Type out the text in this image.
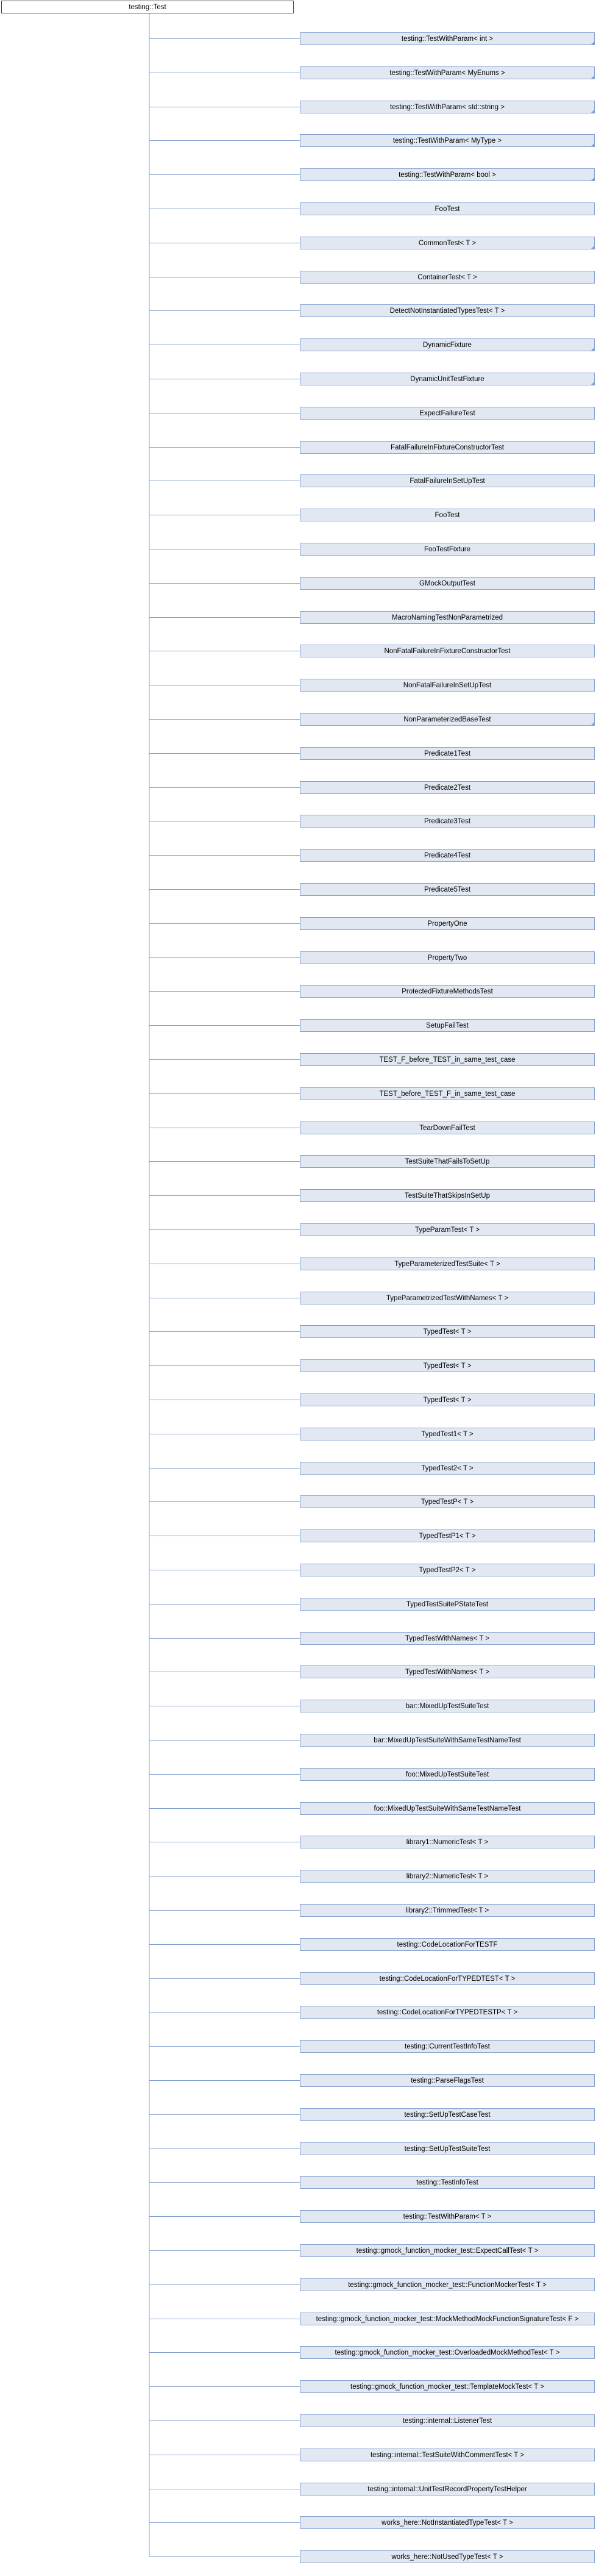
testing::Test
testing::TestWithParam< int >
testing::TestWithParam< MyEnums >
testing::TestWithParam< std::string >
testing::TestWithParam< MyType >
testing::TestWithParam< bool >
FooTest
CommonTest< T >
ContainerTest< T >
DetectNotInstantiatedTypesTest< T >
DynamicFixture
DynamicUnitTestFixture
ExpectFailureTest
FatalFailureInFixtureConstructorTest
FatalFailureInSetUpTest
FooTest
FooTestFixture
GMockOutputTest
MacroNamingTestNonParametrized
NonFatalFailureInFixtureConstructorTest
NonFatalFailureInSetUpTest
NonParameterizedBaseTest
Predicate1Test
Predicate2Test
Predicate3Test
Predicate4Test
Predicate5Test
PropertyOne
PropertyTwo
ProtectedFixtureMethodsTest
SetupFailTest
TEST_F_before_TEST_in_same_test_case
TEST_before_TEST_F_in_same_test_case
TearDownFailTest
TestSuiteThatFailsToSetUp
TestSuiteThatSkipsInSetUp
TypeParamTest< T >
TypeParameterizedTestSuite< T >
TypeParametrizedTestWithNames< T >
TypedTest< T >
TypedTest< T >
TypedTest< T >
TypedTest1< T >
TypedTest2< T >
TypedTestP< T >
TypedTestP1< T >
TypedTestP2< T >
TypedTestSuitePStateTest
TypedTestWithNames< T >
TypedTestWithNames< T >
bar::MixedUpTestSuiteTest
bar::MixedUpTestSuiteWithSameTestNameTest
foo::MixedUpTestSuiteTest
foo::MixedUpTestSuiteWithSameTestNameTest
library1::NumericTest< T >
library2::NumericTest< T >
library2::TrimmedTest< T >
testing::CodeLocationForTESTF
testing::CodeLocationForTYPEDTEST< T >
testing::CodeLocationForTYPEDTESTP< T >
testing::CurrentTestInfoTest
testing::ParseFlagsTest
testing::SetUpTestCaseTest
testing::SetUpTestSuiteTest
testing::TestInfoTest
testing::TestWithParam< T >
testing::gmock_function_mocker_test::ExpectCallTest< T >
testing::gmock_function_mocker_test::FunctionMockerTest< T >
testing::gmock_function_mocker_test::MockMethodMockFunctionSignatureTest< F >
testing::gmock_function_mocker_test::OverloadedMockMethodTest< T >
testing::gmock_function_mocker_test::TemplateMockTest< T >
testing::internal::ListenerTest
testing::internal::TestSuiteWithCommentTest< T >
testing::internal::UnitTestRecordPropertyTestHelper
works_here::NotInstantiatedTypeTest< T >
works_here::NotUsedTypeTest< T >
